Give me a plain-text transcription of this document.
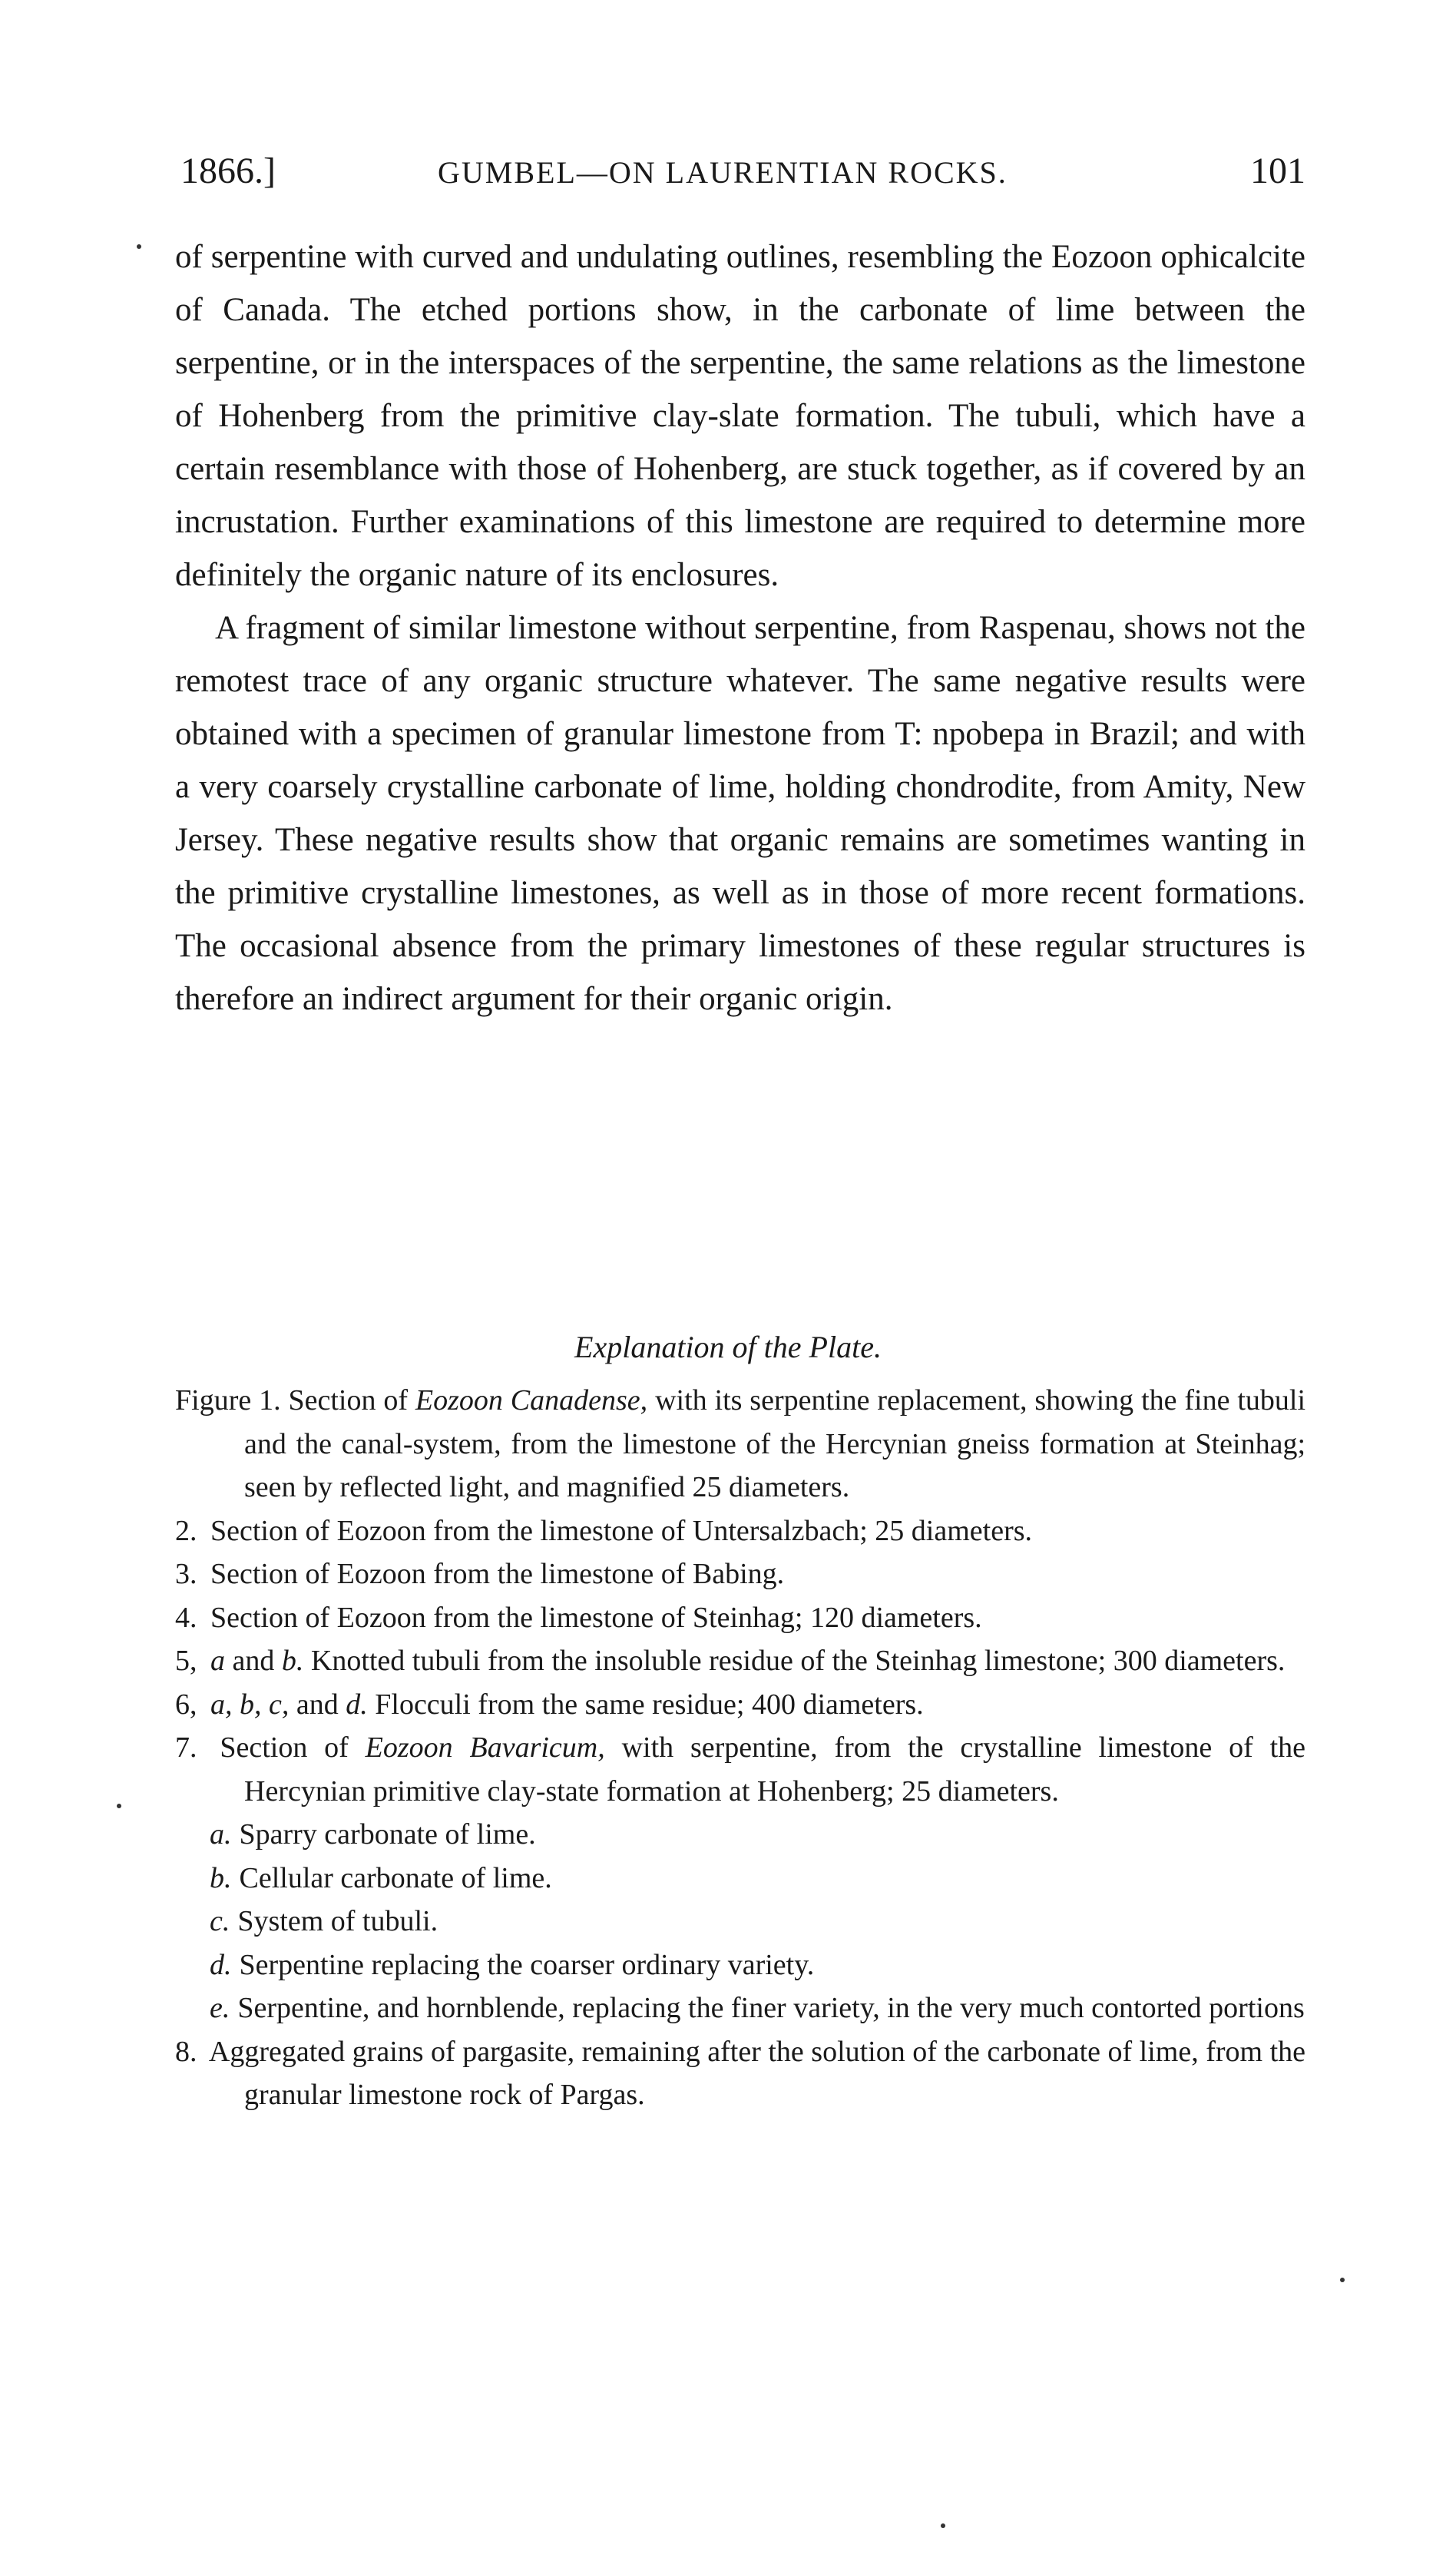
1866.]	GUMBEL—ON LAURENTIAN ROCKS.	101

of serpentine with curved and undulating outlines, resembling the Eozoon ophicalcite of Canada. The etched portions show, in the carbonate of lime between the serpentine, or in the interspaces of the serpentine, the same relations as the limestone of Hohenberg from the primitive clay-slate formation. The tubuli, which have a certain resemblance with those of Hohenberg, are stuck together, as if covered by an incrustation. Further examinations of this limestone are required to determine more definitely the organic nature of its enclosures.

A fragment of similar limestone without serpentine, from Raspenau, shows not the remotest trace of any organic structure whatever. The same negative results were obtained with a specimen of granular limestone from T: npobepa in Brazil; and with a very coarsely crystalline carbonate of lime, holding chondrodite, from Amity, New Jersey. These negative results show that organic remains are sometimes wanting in the primitive crystalline limestones, as well as in those of more recent formations. The occasional absence from the primary limestones of these regular structures is therefore an indirect argument for their organic origin.

Explanation of the Plate.

Figure 1. Section of Eozoon Canadense, with its serpentine replacement, showing the fine tubuli and the canal-system, from the limestone of the Hercynian gneiss formation at Steinhag; seen by reflected light, and magnified 25 diameters.

2. Section of Eozoon from the limestone of Untersalzbach; 25 diameters.

3. Section of Eozoon from the limestone of Babing.

4. Section of Eozoon from the limestone of Steinhag; 120 diameters.

5, a and b. Knotted tubuli from the insoluble residue of the Steinhag limestone; 300 diameters.

6, a, b, c, and d. Flocculi from the same residue; 400 diameters.

7. Section of Eozoon Bavaricum, with serpentine, from the crystalline limestone of the Hercynian primitive clay-state formation at Hohenberg; 25 diameters.

a. Sparry carbonate of lime.

b. Cellular carbonate of lime.

c. System of tubuli.

d. Serpentine replacing the coarser ordinary variety.

e. Serpentine, and hornblende, replacing the finer variety, in the very much contorted portions

8. Aggregated grains of pargasite, remaining after the solution of the carbonate of lime, from the granular limestone rock of Pargas.
